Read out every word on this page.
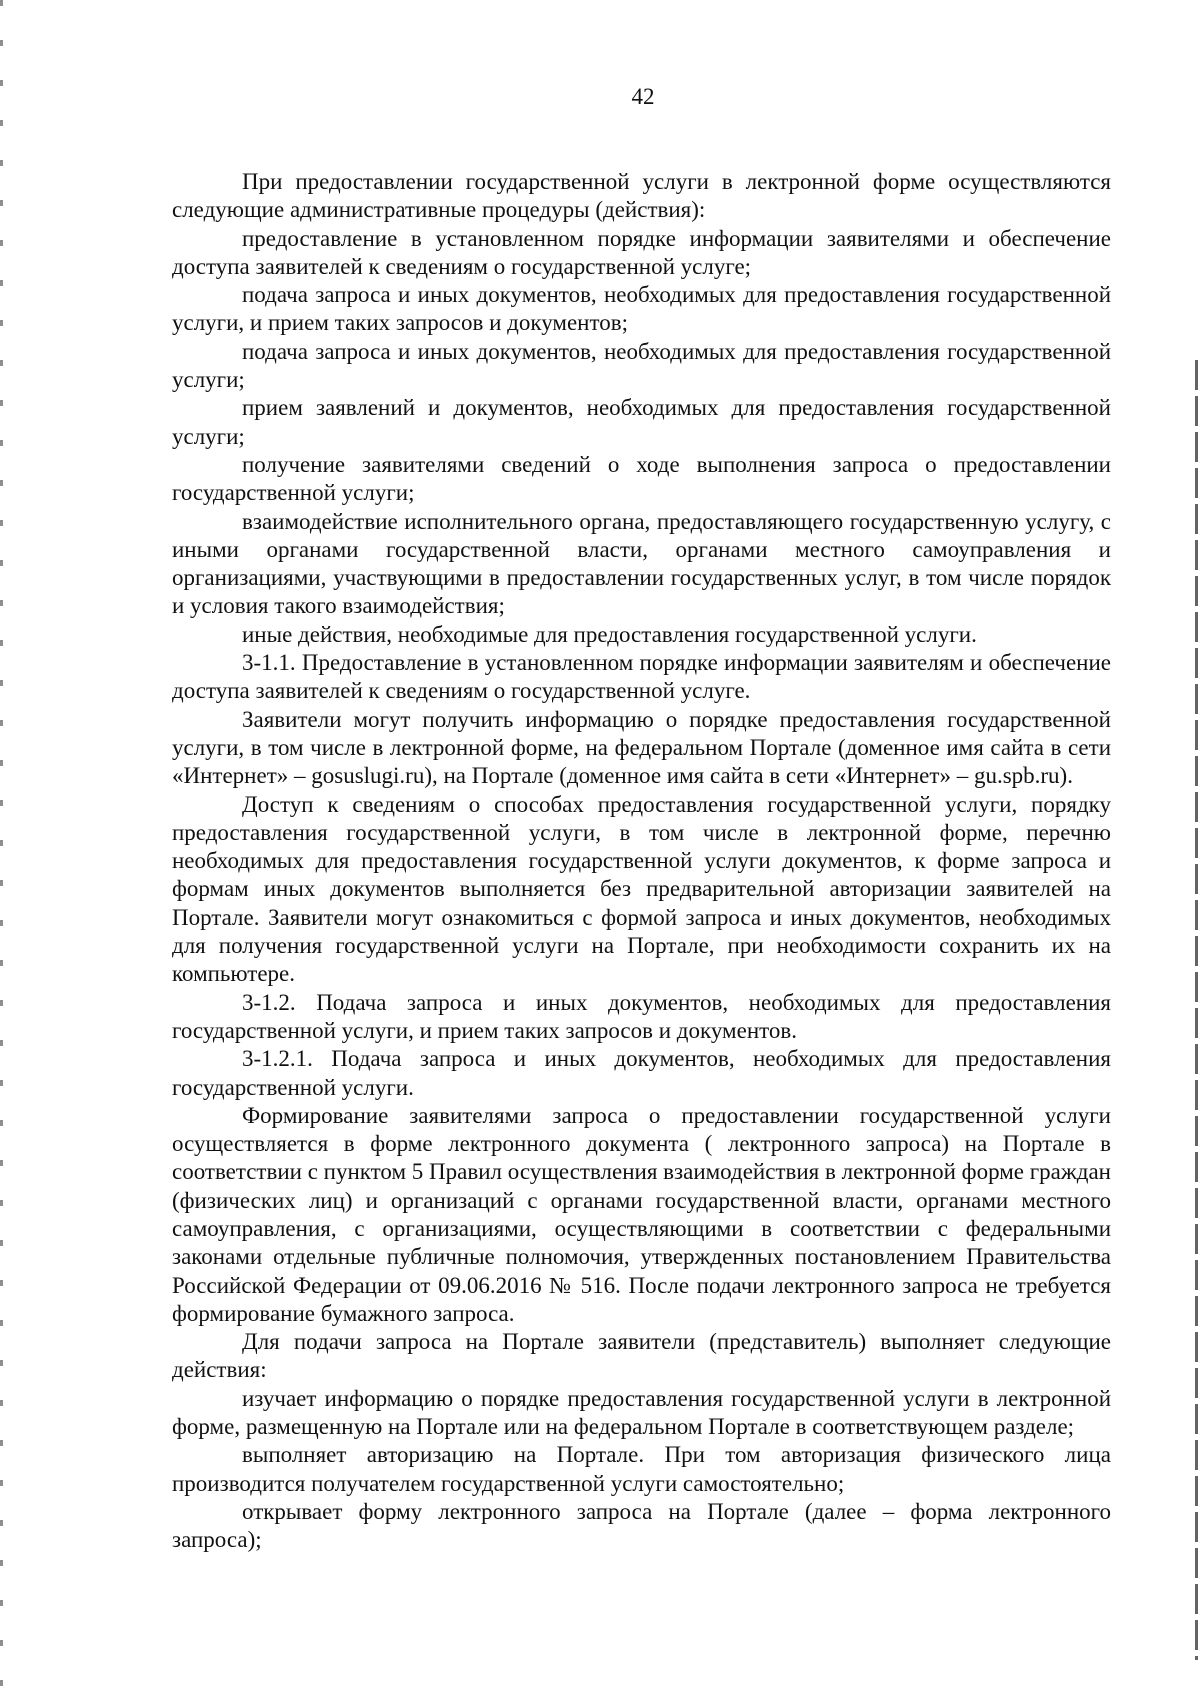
42

При предоставлении государственной услуги в лектронной форме осуществляются следующие административные процедуры (действия):

предоставление в установленном порядке информации заявителями и обеспечение доступа заявителей к сведениям о государственной услуге;

подача запроса и иных документов, необходимых для предоставления государственной услуги, и прием таких запросов и документов;

подача запроса и иных документов, необходимых для предоставления государственной услуги;

прием заявлений и документов, необходимых для предоставления государственной услуги;

получение заявителями сведений о ходе выполнения запроса о предоставлении государственной услуги;

взаимодействие исполнительного органа, предоставляющего государственную услугу, с иными органами государственной власти, органами местного самоуправления и организациями, участвующими в предоставлении государственных услуг, в том числе порядок и условия такого взаимодействия;

иные действия, необходимые для предоставления государственной услуги.

3-1.1. Предоставление в установленном порядке информации заявителям и обеспечение доступа заявителей к сведениям о государственной услуге.

Заявители могут получить информацию о порядке предоставления государственной услуги, в том числе в лектронной форме, на федеральном Портале (доменное имя сайта в сети «Интернет» – gosuslugi.ru), на Портале (доменное имя сайта в сети «Интернет» – gu.spb.ru).

Доступ к сведениям о способах предоставления государственной услуги, порядку предоставления государственной услуги, в том числе в лектронной форме, перечню необходимых для предоставления государственной услуги документов, к форме запроса и формам иных документов выполняется без предварительной авторизации заявителей на Портале. Заявители могут ознакомиться с формой запроса и иных документов, необходимых для получения государственной услуги на Портале, при необходимости сохранить их на компьютере.

3-1.2. Подача запроса и иных документов, необходимых для предоставления государственной услуги, и прием таких запросов и документов.

3-1.2.1. Подача запроса и иных документов, необходимых для предоставления государственной услуги.

Формирование заявителями запроса о предоставлении государственной услуги осуществляется в форме лектронного документа ( лектронного запроса) на Портале в соответствии с пунктом 5 Правил осуществления взаимодействия в лектронной форме граждан (физических лиц) и организаций с органами государственной власти, органами местного самоуправления, с организациями, осуществляющими в соответствии с федеральными законами отдельные публичные полномочия, утвержденных постановлением Правительства Российской Федерации от 09.06.2016 № 516. После подачи лектронного запроса не требуется формирование бумажного запроса.

Для подачи запроса на Портале заявители (представитель) выполняет следующие действия:

изучает информацию о порядке предоставления государственной услуги в лектронной форме, размещенную на Портале или на федеральном Портале в соответствующем разделе;

выполняет авторизацию на Портале. При том авторизация физического лица производится получателем государственной услуги самостоятельно;

открывает форму лектронного запроса на Портале (далее – форма лектронного запроса);
